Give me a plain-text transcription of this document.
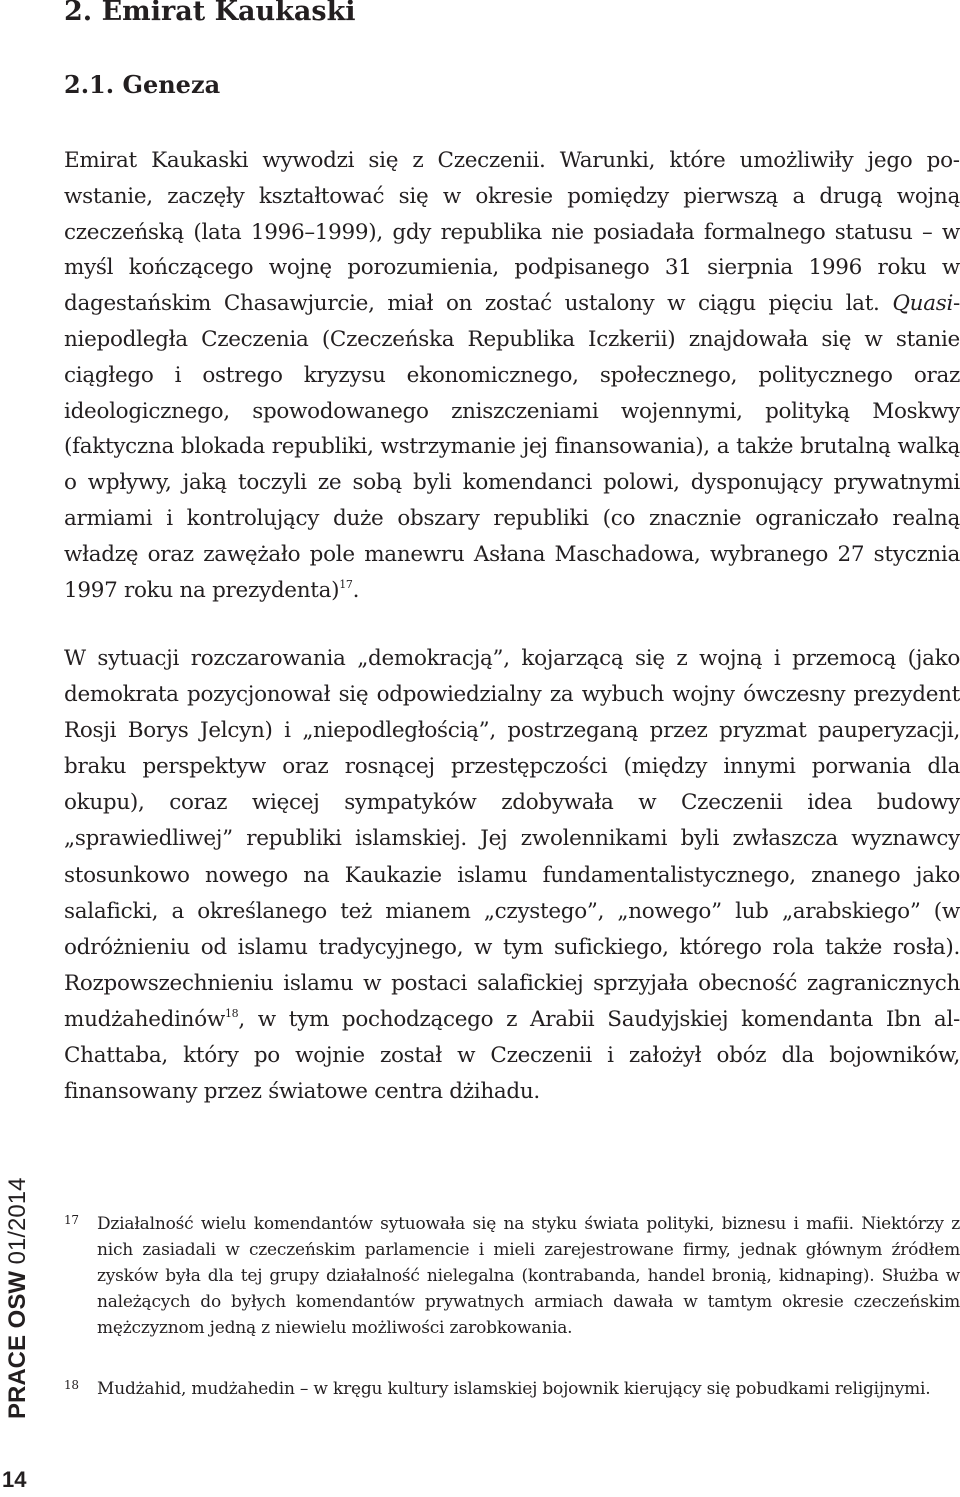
2. Emirat Kaukaski
2.1. Geneza

Emirat Kaukaski wywodzi się z Czeczenii. Warunki, które umożliwiły jego powstanie, zaczęły kształtować się w okresie pomiędzy pierwszą a drugą wojną czeczeńską (lata 1996–1999), gdy republika nie posiadała formalnego statusu – w myśl kończącego wojnę porozumienia, podpisanego 31 sierpnia 1996 roku w dagestańskim Chasawjurcie, miał on zostać ustalony w ciągu pięciu lat. Quasi-niepodległa Czeczenia (Czeczeńska Republika Iczkerii) znajdowała się w stanie ciągłego i ostrego kryzysu ekonomicznego, społecznego, politycznego oraz ideologicznego, spowodowanego zniszczeniami wojennymi, polityką Moskwy (faktyczna blokada republiki, wstrzymanie jej finansowania), a także brutalną walką o wpływy, jaką toczyli ze sobą byli komendanci polowi, dysponujący prywatnymi armiami i kontrolujący duże obszary republiki (co znacznie ograniczało realną władzę oraz zawężało pole manewru Asłana Maschadowa, wybranego 27 stycznia 1997 roku na prezydenta)$^{17}$.

W sytuacji rozczarowania „demokracją”, kojarzącą się z wojną i przemocą (jako demokrata pozycjonował się odpowiedzialny za wybuch wojny ówczesny prezydent Rosji Borys Jelcyn) i „niepodległością”, postrzeganą przez pryzmat pauperyzacji, braku perspektyw oraz rosnącej przestępczości (między innymi porwania dla okupu), coraz więcej sympatyków zdobywała w Czeczenii idea budowy „sprawiedliwej” republiki islamskiej. Jej zwolennikami byli zwłaszcza wyznawcy stosunkowo nowego na Kaukazie islamu fundamentalistycznego, znanego jako salaficki, a określanego też mianem „czystego”, „nowego” lub „arabskiego” (w odróżnieniu od islamu tradycyjnego, w tym sufickiego, którego rola także rosła). Rozpowszechnieniu islamu w postaci salafickiej sprzyjała obecność zagranicznych mudżahedinów$^{18}$, w tym pochodzącego z Arabii Saudyjskiej komendanta Ibn al-Chattaba, który po wojnie został w Czeczenii i założył obóz dla bojowników, finansowany przez światowe centra dżihadu.

17 Działalność wielu komendantów sytuowała się na styku świata polityki, biznesu i mafii. Niektórzy z nich zasiadali w czeczeńskim parlamencie i mieli zarejestrowane firmy, jednak głównym źródłem zysków była dla tej grupy działalność nielegalna (kontrabanda, handel bronią, kidnaping). Służba w należących do byłych komendantów prywatnych armiach dawała w tamtym okresie czeczeńskim mężczyznom jedną z niewielu możliwości zarobkowania.
18 Mudżahid, mudżahedin – w kręgu kultury islamskiej bojownik kierujący się pobudkami religijnymi.
PRACE OSW 01/2014
14
